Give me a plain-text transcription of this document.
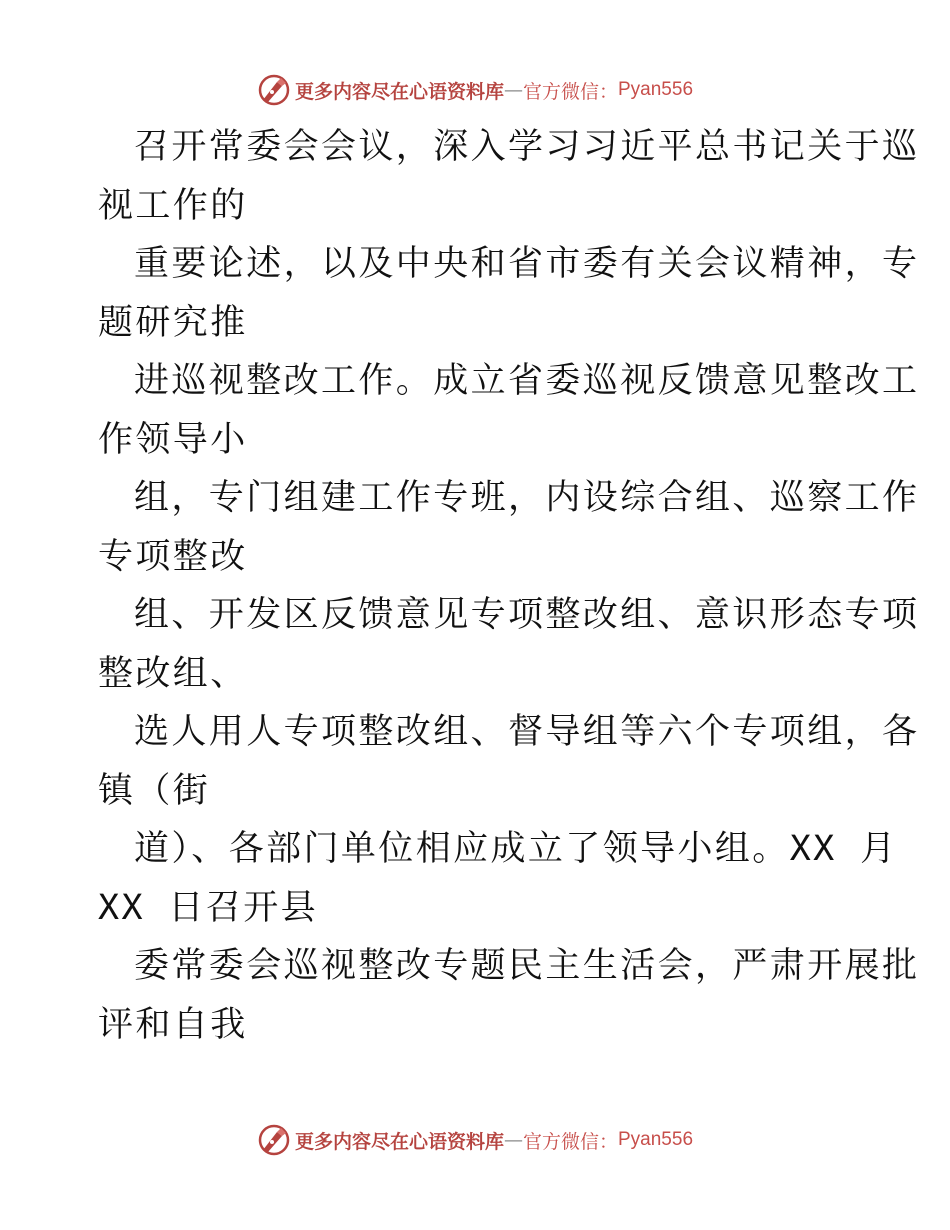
更多内容尽在心语资料库 — 官方微信： Pyan556
召开常委会会议，深入学习习近平总书记关于巡
视工作的
重要论述，以及中央和省市委有关会议精神，专
题研究推
进巡视整改工作。成立省委巡视反馈意见整改工
作领导小
组，专门组建工作专班，内设综合组、巡察工作
专项整改
组、开发区反馈意见专项整改组、意识形态专项
整改组、
选人用人专项整改组、督导组等六个专项组，各
镇（街
道）、各部门单位相应成立了领导小组。XX 月
XX 日召开县
委常委会巡视整改专题民主生活会，严肃开展批
评和自我
更多内容尽在心语资料库 — 官方微信： Pyan556
